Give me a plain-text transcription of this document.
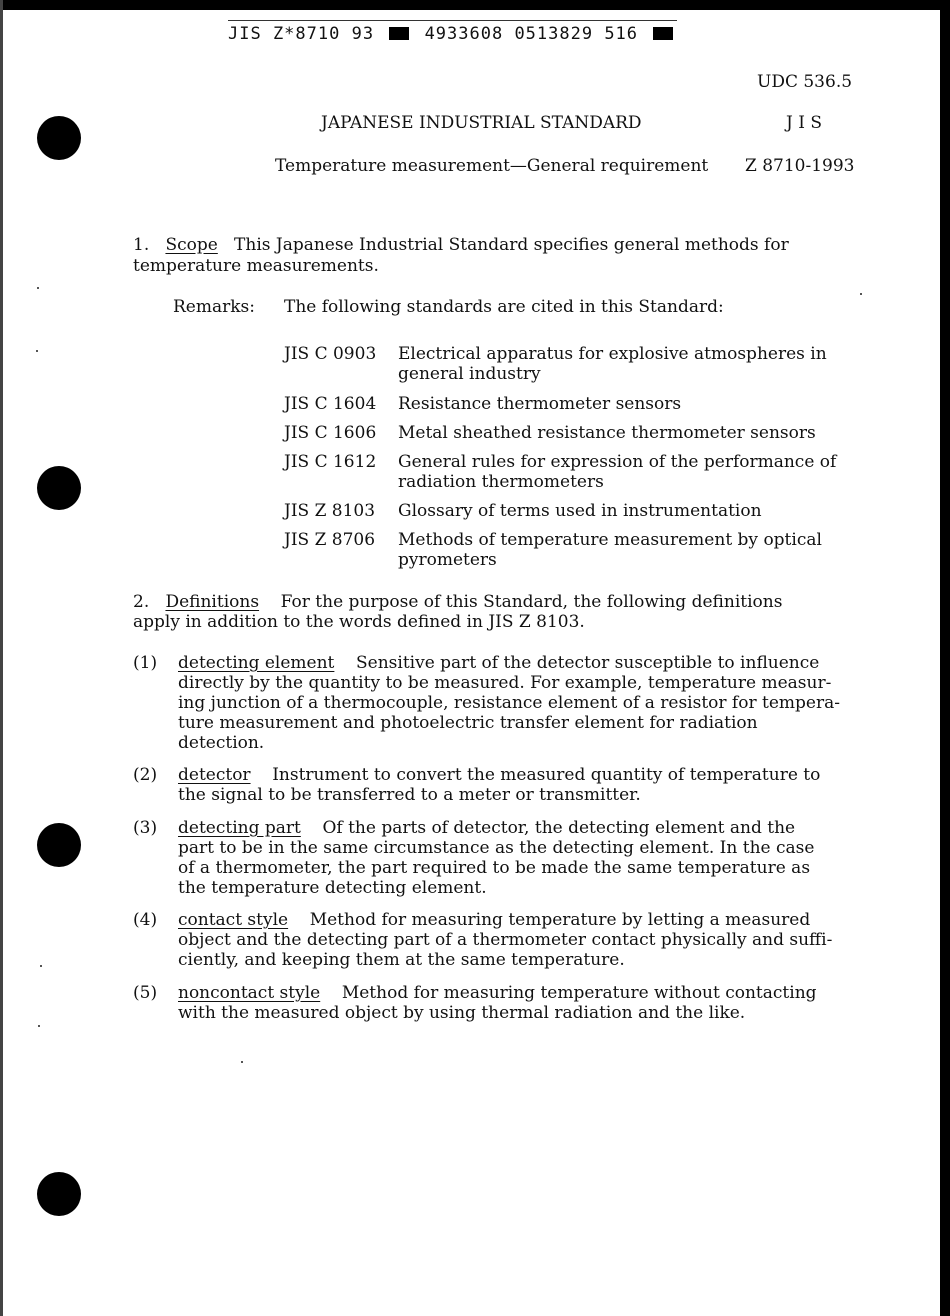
JIS Z*8710 93	4933608 0513829 516
UDC 536.5
JAPANESE INDUSTRIAL STANDARD	J I S
Temperature measurement—General requirement Z 8710-1993
1. Scope This Japanese Industrial Standard specifies general methods for
temperature measurements.
Remarks: The following standards are cited in this Standard:
JIS C 0903 Electrical apparatus for explosive atmospheres in
general industry
JIS C 1604 Resistance thermometer sensors
JIS C 1606 Metal sheathed resistance thermometer sensors
JIS C 1612 General rules for expression of the performance of
radiation thermometers
JIS Z 8103 Glossary of terms used in instrumentation
JIS Z 8706 Methods of temperature measurement by optical
pyrometers
2. Definitions For the purpose of this Standard, the following definitions
apply in addition to the words defined in JIS Z 8103.
(1) detecting element Sensitive part of the detector susceptible to influence
directly by the quantity to be measured. For example, temperature measur-
ing junction of a thermocouple, resistance element of a resistor for tempera-
ture measurement and photoelectric transfer element for radiation
detection.
(2) detector Instrument to convert the measured quantity of temperature to
the signal to be transferred to a meter or transmitter.
(3) detecting part Of the parts of detector, the detecting element and the
part to be in the same circumstance as the detecting element. In the case
of a thermometer, the part required to be made the same temperature as
the temperature detecting element.
(4) contact style Method for measuring temperature by letting a measured
object and the detecting part of a thermometer contact physically and suffi-
ciently, and keeping them at the same temperature.
(5) noncontact style Method for measuring temperature without contacting
with the measured object by using thermal radiation and the like.
